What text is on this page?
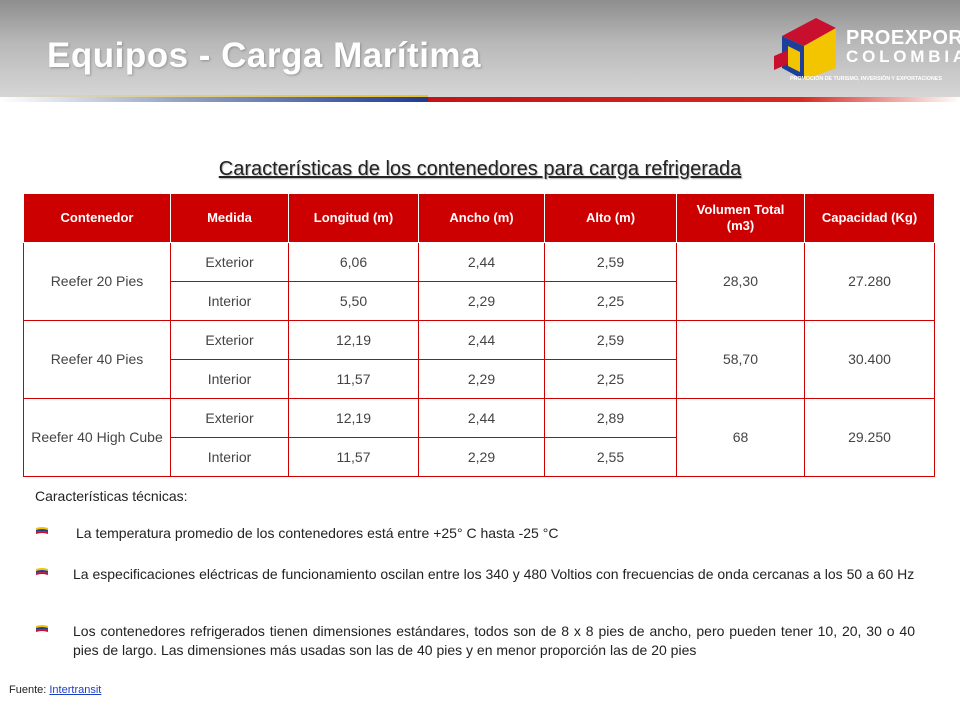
Equipos - Carga Marítima	PROEXPORT
COLOMBIA
PROMOCIÓN DE TURISMO, INVERSIÓN Y EXPORTACIONES
Características de los contenedores para carga refrigerada
Contenedor	Medida	Longitud (m)	Ancho (m)	Alto (m)	Volumen Total (m3)	Capacidad (Kg)
Reefer 20 Pies	Exterior	6,06	2,44	2,59	28,30	27.280
	Interior	5,50	2,29	2,25		
Reefer 40 Pies	Exterior	12,19	2,44	2,59	58,70	30.400
	Interior	11,57	2,29	2,25		
Reefer 40 High Cube	Exterior	12,19	2,44	2,89	68	29.250
	Interior	11,57	2,29	2,55		
Características técnicas:
La temperatura promedio de los contenedores está entre +25° C hasta -25 °C
La especificaciones eléctricas de funcionamiento oscilan entre los 340 y 480 Voltios con frecuencias de onda cercanas a los 50 a 60 Hz
Los contenedores refrigerados tienen dimensiones estándares, todos son de 8 x 8 pies de ancho, pero pueden tener 10, 20, 30 o 40 pies de largo. Las dimensiones más usadas son las de 40 pies y en menor proporción las de 20 pies
Fuente: Intertransit
